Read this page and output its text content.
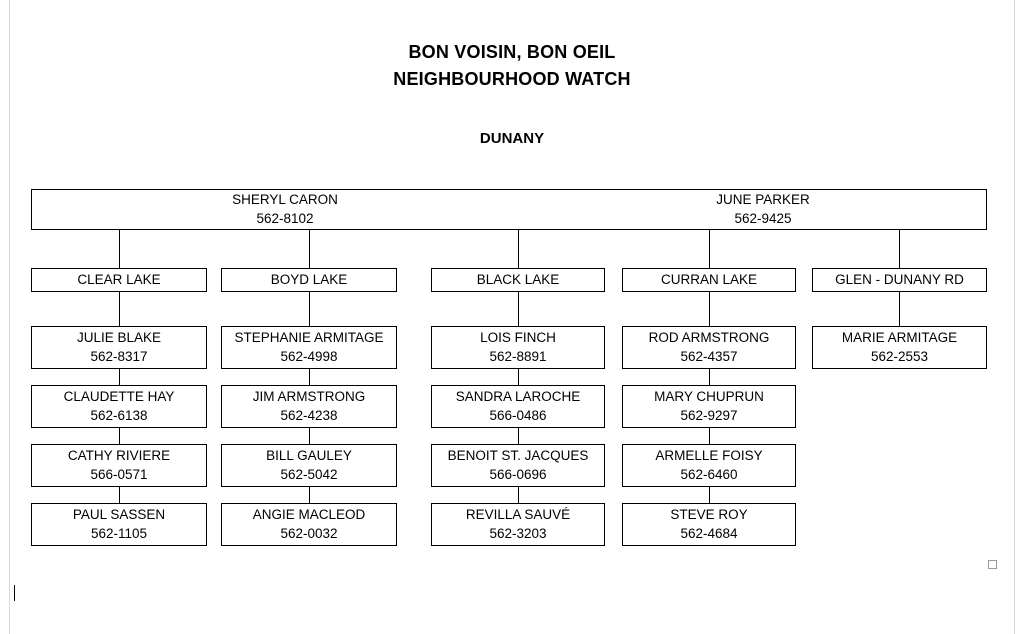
BON VOISIN, BON OEIL
NEIGHBOURHOOD WATCH
DUNANY
SHERYL CARON
562-8102
JUNE PARKER
562-9425
CLEAR LAKE
JULIE BLAKE
562-8317
CLAUDETTE HAY
562-6138
CATHY RIVIERE
566-0571
PAUL SASSEN
562-1105
BOYD LAKE
STEPHANIE ARMITAGE
562-4998
JIM ARMSTRONG
562-4238
BILL GAULEY
562-5042
ANGIE MACLEOD
562-0032
BLACK LAKE
LOIS FINCH
562-8891
SANDRA LAROCHE
566-0486
BENOIT ST. JACQUES
566-0696
REVILLA SAUVÉ
562-3203
CURRAN LAKE
ROD ARMSTRONG
562-4357
MARY CHUPRUN
562-9297
ARMELLE FOISY
562-6460
STEVE ROY
562-4684
GLEN - DUNANY RD
MARIE ARMITAGE
562-2553
